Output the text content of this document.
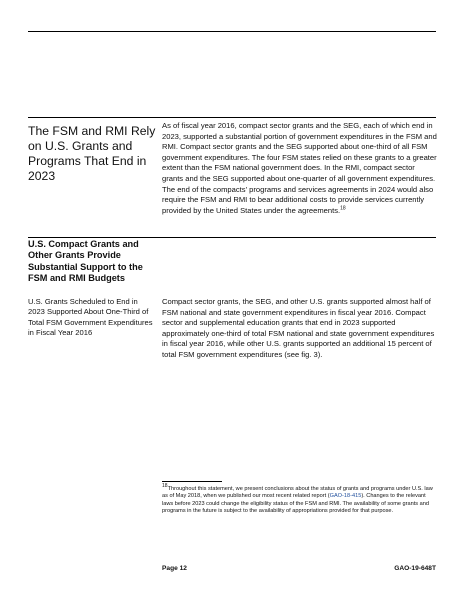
The FSM and RMI Rely on U.S. Grants and Programs That End in 2023
As of fiscal year 2016, compact sector grants and the SEG, each of which end in 2023, supported a substantial portion of government expenditures in the FSM and RMI. Compact sector grants and the SEG supported about one-third of all FSM government expenditures. The four FSM states relied on these grants to a greater extent than the FSM national government does. In the RMI, compact sector grants and the SEG supported about one-quarter of all government expenditures. The end of the compacts' programs and services agreements in 2024 would also require the FSM and RMI to bear additional costs to provide services currently provided by the United States under the agreements.$^{18}$
U.S. Compact Grants and Other Grants Provide Substantial Support to the FSM and RMI Budgets
U.S. Grants Scheduled to End in 2023 Supported About One-Third of Total FSM Government Expenditures in Fiscal Year 2016
Compact sector grants, the SEG, and other U.S. grants supported almost half of FSM national and state government expenditures in fiscal year 2016. Compact sector and supplemental education grants that end in 2023 supported approximately one-third of total FSM national and state government expenditures in fiscal year 2016, while other U.S. grants supported an additional 15 percent of total FSM government expenditures (see fig. 3).
$^{18}$Throughout this statement, we present conclusions about the status of grants and programs under U.S. law as of May 2018, when we published our most recent related report (GAO-18-415). Changes to the relevant laws before 2023 could change the eligibility status of the FSM and RMI. The availability of some grants and programs in the future is subject to the availability of appropriations provided for that purpose.
Page 12	GAO-19-648T
